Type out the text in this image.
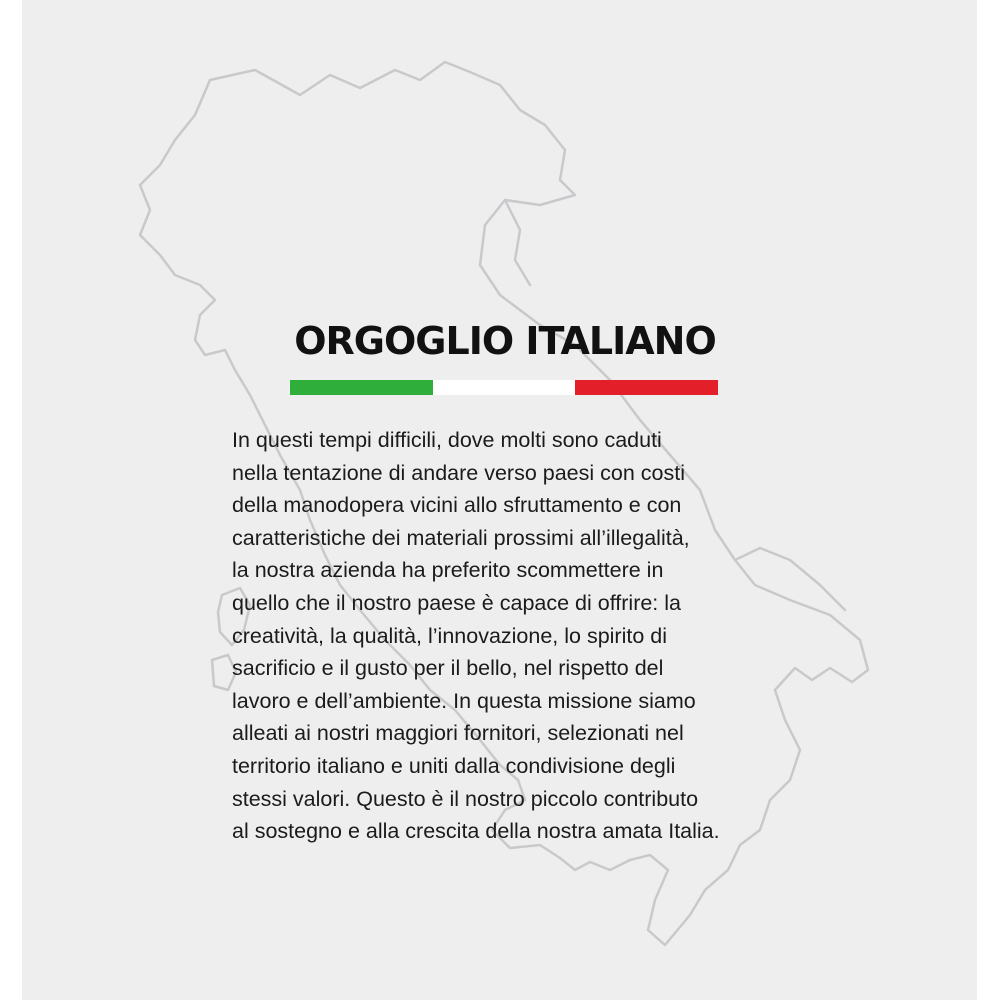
ORGOGLIO ITALIANO
In questi tempi difficili, dove molti sono caduti
nella tentazione di andare verso paesi con costi
della manodopera vicini allo sfruttamento e con
caratteristiche dei materiali prossimi all’illegalità,
la nostra azienda ha preferito scommettere in
quello che il nostro paese è capace di offrire: la
creatività, la qualità, l’innovazione, lo spirito di
sacrificio e il gusto per il bello, nel rispetto del
lavoro e dell’ambiente. In questa missione siamo
alleati ai nostri maggiori fornitori, selezionati nel
territorio italiano e uniti dalla condivisione degli
stessi valori. Questo è il nostro piccolo contributo
al sostegno e alla crescita della nostra amata Italia.
